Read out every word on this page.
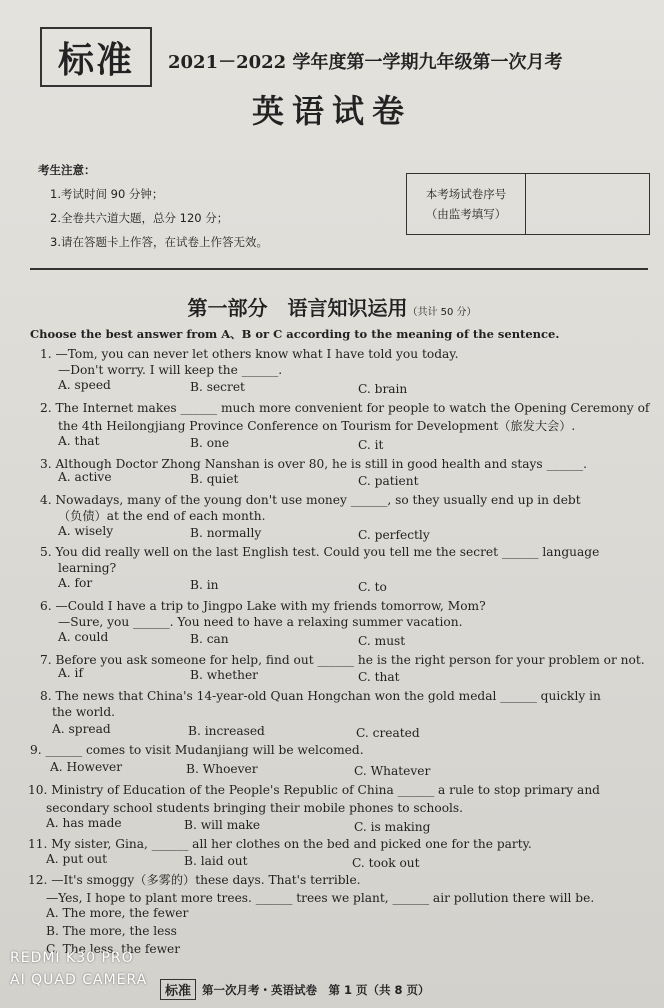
标准	2021－2022 学年度第一学期九年级第一次月考
英语试卷
考生注意：
1.考试时间 90 分钟；
2.全卷共六道大题，总分 120 分；
3.请在答题卡上作答，在试卷上作答无效。
本考场试卷序号
（由监考填写）
第一部分　语言知识运用（共计 50 分）
Choose the best answer from A、B or C according to the meaning of the sentence.
1. —Tom, you can never let others know what I have told you today.
—Don't worry. I will keep the ______.
A. speed	B. secret	C. brain
2. The Internet makes ______ much more convenient for people to watch the Opening Ceremony of
the 4th Heilongjiang Province Conference on Tourism for Development（旅发大会）.
A. that	B. one	C. it
3. Although Doctor Zhong Nanshan is over 80, he is still in good health and stays ______.
A. active	B. quiet	C. patient
4. Nowadays, many of the young don't use money ______, so they usually end up in debt
（负债）at the end of each month.
A. wisely	B. normally	C. perfectly
5. You did really well on the last English test. Could you tell me the secret ______ language
learning?
A. for	B. in	C. to
6. —Could I have a trip to Jingpo Lake with my friends tomorrow, Mom?
—Sure, you ______. You need to have a relaxing summer vacation.
A. could	B. can	C. must
7. Before you ask someone for help, find out ______ he is the right person for your problem or not.
A. if	B. whether	C. that
8. The news that China's 14-year-old Quan Hongchan won the gold medal ______ quickly in
the world.
A. spread	B. increased	C. created
9. ______ comes to visit Mudanjiang will be welcomed.
A. However	B. Whoever	C. Whatever
10. Ministry of Education of the People's Republic of China ______ a rule to stop primary and
secondary school students bringing their mobile phones to schools.
A. has made	B. will make	C. is making
11. My sister, Gina, ______ all her clothes on the bed and picked one for the party.
A. put out	B. laid out	C. took out
12. —It's smoggy（多雾的）these days. That's terrible.
—Yes, I hope to plant more trees. ______ trees we plant, ______ air pollution there will be.
A. The more, the fewer
B. The more, the less
C. The less, the fewer
标准 第一次月考・英语试卷　第 1 页（共 8 页）
REDMI K30 PRO
AI QUAD CAMERA
